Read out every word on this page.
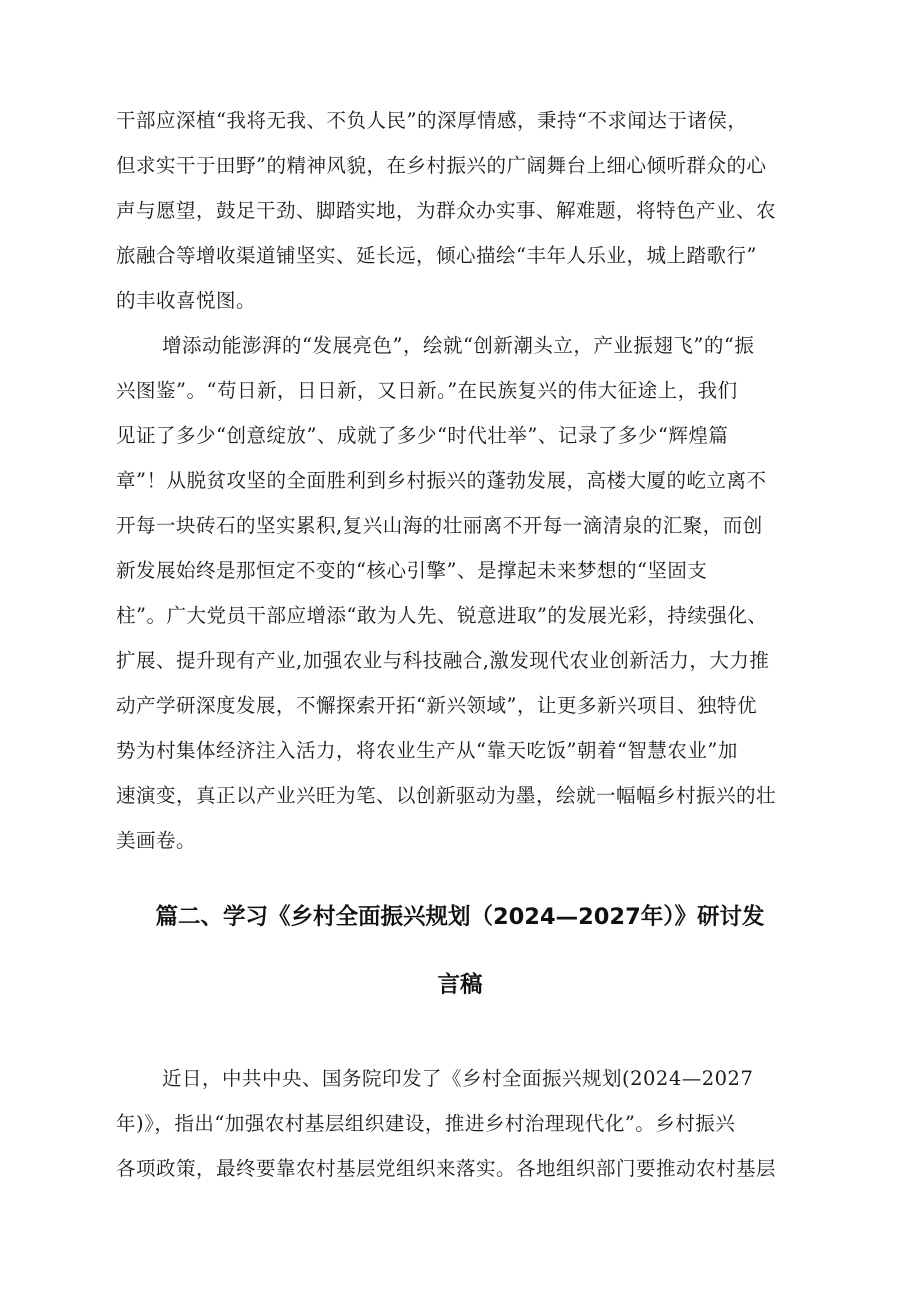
干部应深植“我将无我、不负人民”的深厚情感，秉持“不求闻达于诸侯，
但求实干于田野”的精神风貌，在乡村振兴的广阔舞台上细心倾听群众的心
声与愿望，鼓足干劲、脚踏实地，为群众办实事、解难题，将特色产业、农
旅融合等增收渠道铺坚实、延长远，倾心描绘“丰年人乐业，城上踏歌行”
的丰收喜悦图。
增添动能澎湃的“发展亮色”，绘就“创新潮头立，产业振翅飞”的“振
兴图鉴”。“苟日新，日日新，又日新。”在民族复兴的伟大征途上，我们
见证了多少“创意绽放”、成就了多少“时代壮举”、记录了多少“辉煌篇
章”！从脱贫攻坚的全面胜利到乡村振兴的蓬勃发展，高楼大厦的屹立离不
开每一块砖石的坚实累积,复兴山海的壮丽离不开每一滴清泉的汇聚，而创
新发展始终是那恒定不变的“核心引擎”、是撑起未来梦想的“坚固支
柱”。广大党员干部应增添“敢为人先、锐意进取”的发展光彩，持续强化、
扩展、提升现有产业,加强农业与科技融合,激发现代农业创新活力，大力推
动产学研深度发展，不懈探索开拓“新兴领域”，让更多新兴项目、独特优
势为村集体经济注入活力，将农业生产从“靠天吃饭”朝着“智慧农业”加
速演变，真正以产业兴旺为笔、以创新驱动为墨，绘就一幅幅乡村振兴的壮
美画卷。
篇二、学习《乡村全面振兴规划（2024—2027年）》研讨发
言稿
近日，中共中央、国务院印发了《乡村全面振兴规划(2024—2027
年)》，指出“加强农村基层组织建设，推进乡村治理现代化”。乡村振兴
各项政策，最终要靠农村基层党组织来落实。各地组织部门要推动农村基层
